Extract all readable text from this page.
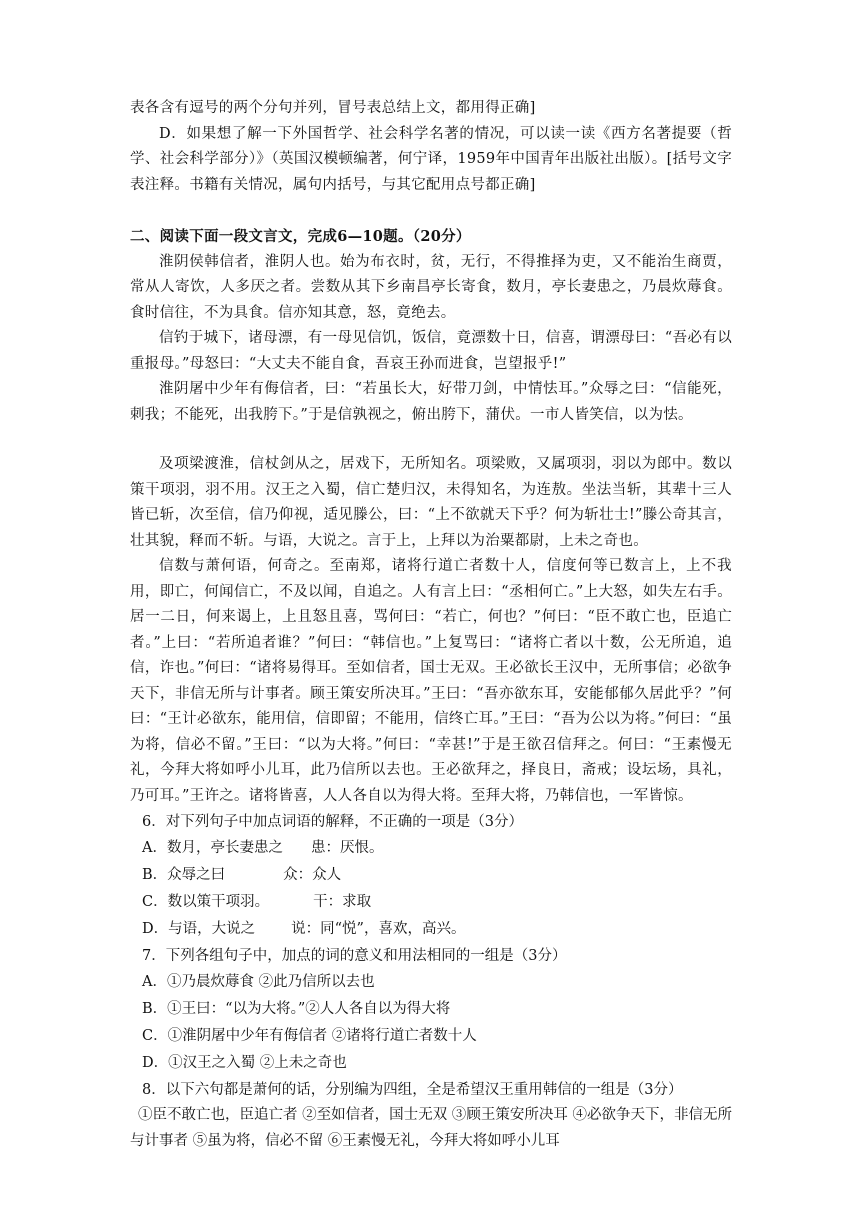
表各含有逗号的两个分句并列，冒号表总结上文，都用得正确]

D．如果想了解一下外国哲学、社会科学名著的情况，可以读一读《西方名著提要（哲学、社会科学部分）》（英国汉模顿编著，何宁译，1959年中国青年出版社出版）。[括号文字表注释。书籍有关情况，属句内括号，与其它配用点号都正确]

二、阅读下面一段文言文，完成6—10题。（20分）

淮阴侯韩信者，淮阴人也。始为布衣时，贫，无行，不得推择为吏，又不能治生商贾，常从人寄饮，人多厌之者。尝数从其下乡南昌亭长寄食，数月，亭长妻患之，乃晨炊蓐食。食时信往，不为具食。信亦知其意，怒，竟绝去。

信钓于城下，诸母漂，有一母见信饥，饭信，竟漂数十日，信喜，谓漂母曰：“吾必有以重报母。”母怒曰：“大丈夫不能自食，吾哀王孙而进食，岂望报乎!”

淮阴屠中少年有侮信者，曰：“若虽长大，好带刀剑，中情怯耳。”众辱之曰：“信能死，刺我；不能死，出我胯下。”于是信孰视之，俯出胯下，蒲伏。一市人皆笑信，以为怯。

及项梁渡淮，信杖剑从之，居戏下，无所知名。项梁败，又属项羽，羽以为郎中。数以策干项羽，羽不用。汉王之入蜀，信亡楚归汉，未得知名，为连敖。坐法当斩，其辈十三人皆已斩，次至信，信乃仰视，适见滕公，曰：“上不欲就天下乎？何为斩壮士!”滕公奇其言，壮其貌，释而不斩。与语，大说之。言于上，上拜以为治粟都尉，上未之奇也。

信数与萧何语，何奇之。至南郑，诸将行道亡者数十人，信度何等已数言上，上不我用，即亡，何闻信亡，不及以闻，自追之。人有言上曰：“丞相何亡。”上大怒，如失左右手。居一二日，何来谒上，上且怒且喜，骂何曰：“若亡，何也？”何曰：“臣不敢亡也，臣追亡者。”上曰：“若所追者谁？”何曰：“韩信也。”上复骂曰：“诸将亡者以十数，公无所追，追信，诈也。”何曰：“诸将易得耳。至如信者，国士无双。王必欲长王汉中，无所事信；必欲争天下，非信无所与计事者。顾王策安所决耳。”王曰：“吾亦欲东耳，安能郁郁久居此乎？”何曰：“王计必欲东，能用信，信即留；不能用，信终亡耳。”王曰：“吾为公以为将。”何曰：“虽为将，信必不留。”王曰：“以为大将。”何曰：“幸甚!”于是王欲召信拜之。何曰：“王素慢无礼，今拜大将如呼小儿耳，此乃信所以去也。王必欲拜之，择良日，斋戒；设坛场，具礼，乃可耳。”王许之。诸将皆喜，人人各自以为得大将。至拜大将，乃韩信也，一军皆惊。

6．对下列句子中加点词语的解释，不正确的一项是（3分）

A．数月，亭长妻患之 患：厌恨。

B．众辱之曰	众：众人

C．数以策干项羽。	干：求取

D．与语，大说之 说：同“悦”，喜欢，高兴。

7．下列各组句子中，加点的词的意义和用法相同的一组是（3分）

A．①乃晨炊蓐食 ②此乃信所以去也

B．①王曰：“以为大将。”②人人各自以为得大将

C．①淮阴屠中少年有侮信者 ②诸将行道亡者数十人

D．①汉王之入蜀 ②上未之奇也

8．以下六句都是萧何的话，分别编为四组，全是希望汉王重用韩信的一组是（3分）

①臣不敢亡也，臣追亡者 ②至如信者，国士无双 ③顾王策安所决耳 ④必欲争天下，非信无所与计事者 ⑤虽为将，信必不留 ⑥王素慢无礼，今拜大将如呼小儿耳
